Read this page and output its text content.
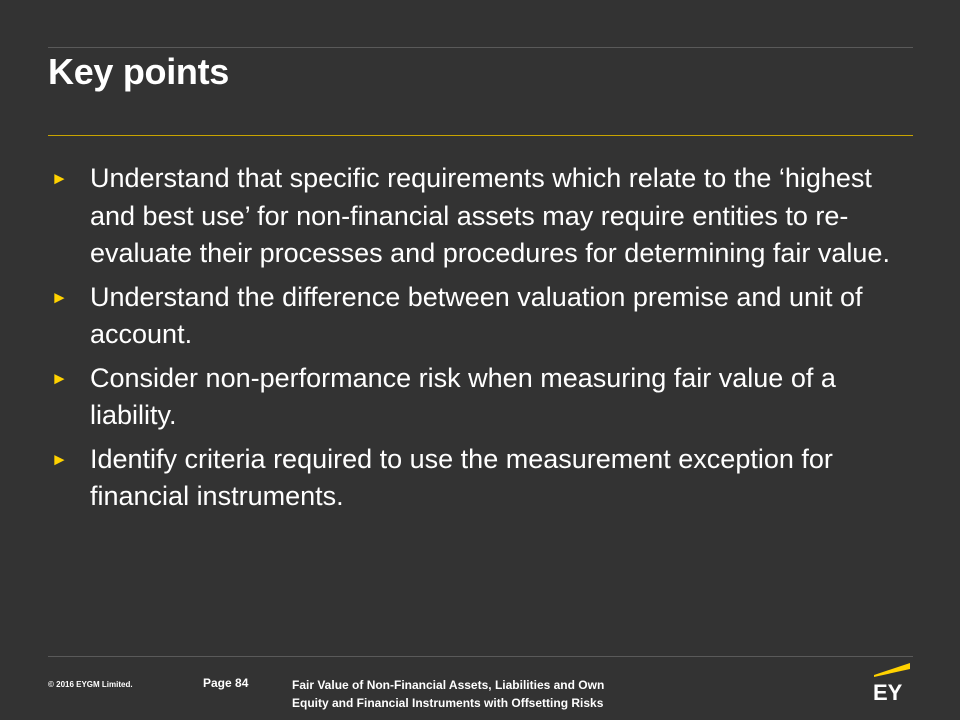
Key points
► Understand that specific requirements which relate to the ‘highest and best use’ for non-financial assets may require entities to re-evaluate their processes and procedures for determining fair value.
► Understand the difference between valuation premise and unit of account.
► Consider non-performance risk when measuring fair value of a liability.
► Identify criteria required to use the measurement exception for financial instruments.
© 2016 EYGM Limited.	Page 84	Fair Value of Non-Financial Assets, Liabilities and Own
Equity and Financial Instruments with Offsetting Risks	EY
